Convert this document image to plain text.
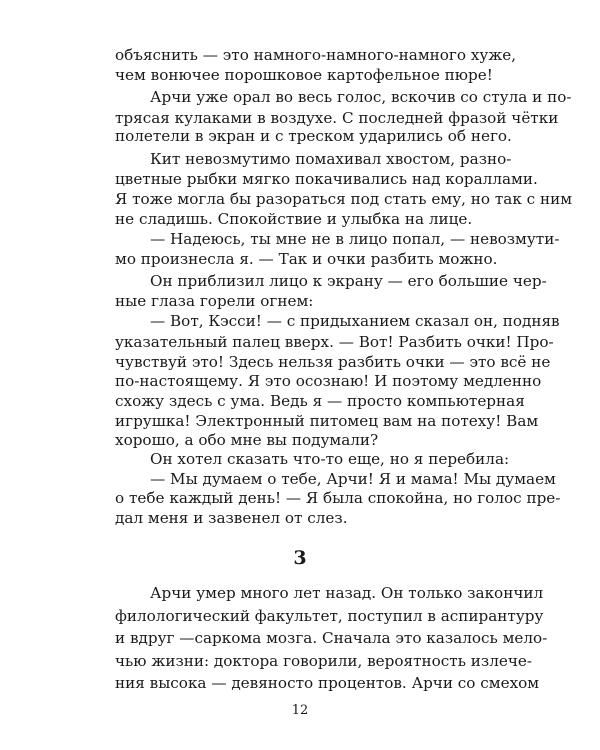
объяснить — это намного-намного-намного хуже,
чем вонючее порошковое картофельное пюре!
Арчи уже орал во весь голос, вскочив со стула и по-
трясая кулаками в воздухе. С последней фразой чётки
полетели в экран и с треском ударились об него.
Кит невозмутимо помахивал хвостом, разно-
цветные рыбки мягко покачивались над кораллами.
Я тоже могла бы разораться под стать ему, но так с ним
не сладишь. Спокойствие и улыбка на лице.
— Надеюсь, ты мне не в лицо попал, — невозмути-
мо произнесла я. — Так и очки разбить можно.
Он приблизил лицо к экрану — его большие чер-
ные глаза горели огнем:
— Вот, Кэсси! — с придыханием сказал он, подняв
указательный палец вверх. — Вот! Разбить очки! Про-
чувствуй это! Здесь нельзя разбить очки — это всё не
по-настоящему. Я это осознаю! И поэтому медленно
схожу здесь с ума. Ведь я — просто компьютерная
игрушка! Электронный питомец вам на потеху! Вам
хорошо, а обо мне вы подумали?
Он хотел сказать что-то еще, но я перебила:
— Мы думаем о тебе, Арчи! Я и мама! Мы думаем
3
Арчи умер много лет назад. Он только закончил
филологический факультет, поступил в аспирантуру
и вдруг —саркома мозга. Сначала это казалось мело-
чью жизни: доктора говорили, вероятность излече-
ния высока — девяносто процентов. Арчи со смехом
12
о тебе каждый день! — Я была спокойна, но голос пре-
дал меня и зазвенел от слез.
